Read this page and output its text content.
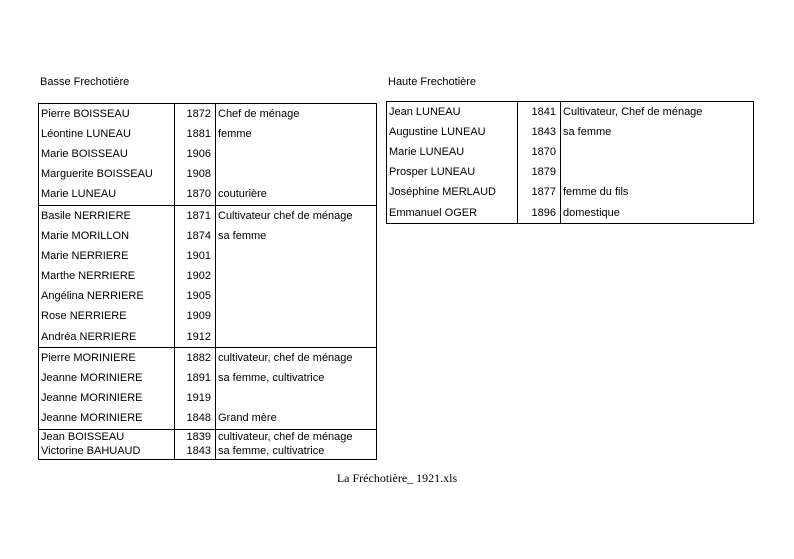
Basse Frechotière	Haute Frechotière
Pierre BOISSEAU	1872	Chef de ménage
Léontine LUNEAU	1881	femme
Marie BOISSEAU	1906	
Marguerite BOISSEAU	1908	
Marie LUNEAU	1870	couturière
Basile NERRIERE	1871	Cultivateur chef de ménage
Marie MORILLON	1874	sa femme
Marie NERRIERE	1901	
Marthe NERRIERE	1902	
Angélina NERRIERE	1905	
Rose NERRIERE	1909	
Andréa NERRIERE	1912	
Pierre MORINIERE	1882	cultivateur, chef de ménage
Jeanne MORINIERE	1891	sa femme, cultivatrice
Jeanne MORINIERE	1919	
Jeanne MORINIERE	1848	Grand mère
Jean BOISSEAU	1839	cultivateur, chef de ménage
Victorine BAHUAUD	1843	sa femme, cultivatrice
Jean LUNEAU	1841	Cultivateur, Chef de ménage
Augustine LUNEAU	1843	sa femme
Marie LUNEAU	1870	
Prosper LUNEAU	1879	
Joséphine MERLAUD	1877	femme du fils
Emmanuel OGER	1896	domestique
La Fréchotière_ 1921.xls
